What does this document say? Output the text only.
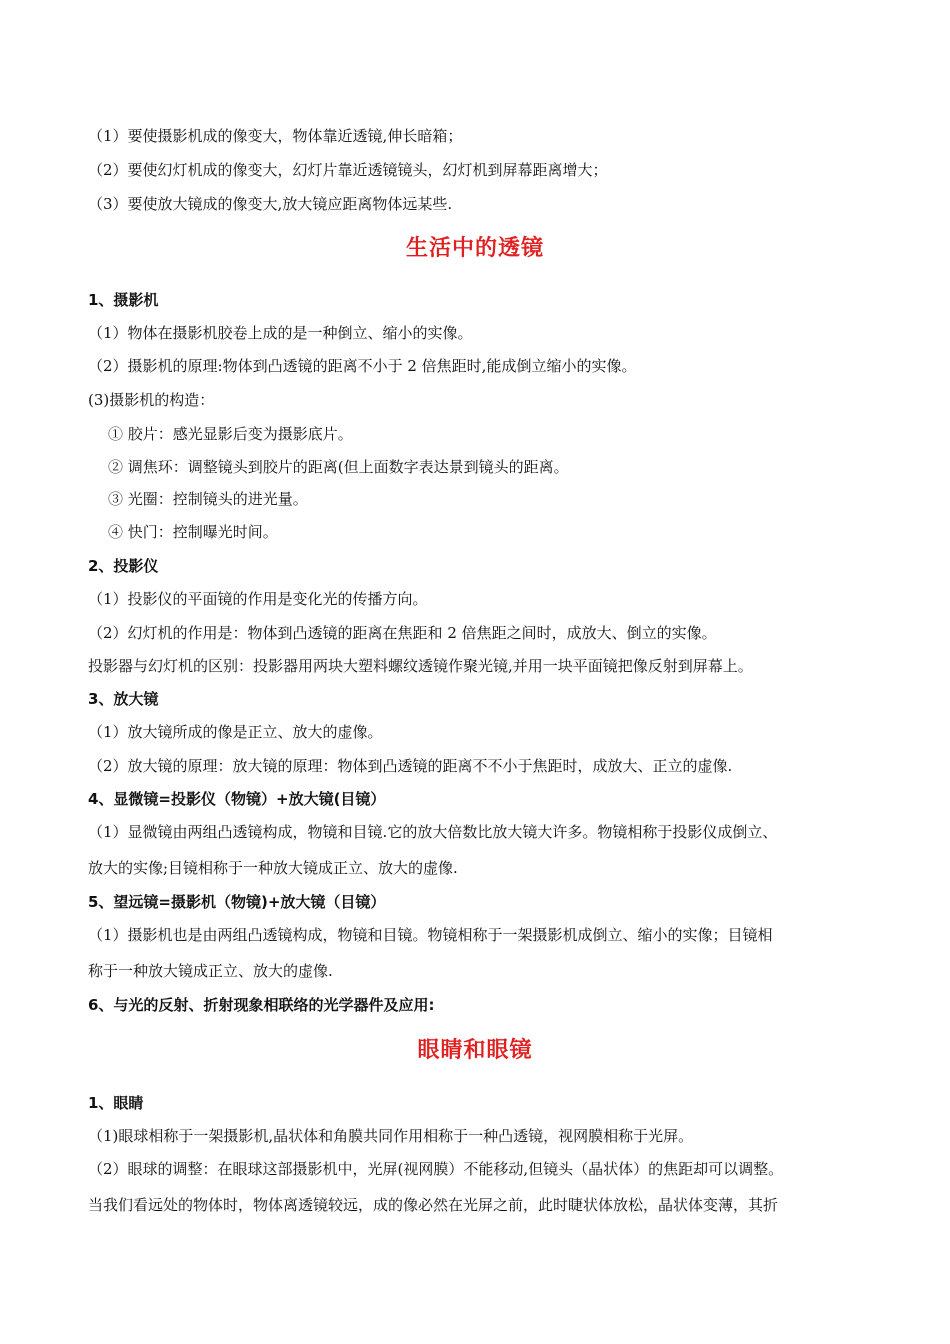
（1）要使摄影机成的像变大，物体靠近透镜,伸长暗箱；
（2）要使幻灯机成的像变大，幻灯片靠近透镜镜头，幻灯机到屏幕距离增大；
（3）要使放大镜成的像变大,放大镜应距离物体远某些.
生活中的透镜
1、摄影机
（1）物体在摄影机胶卷上成的是一种倒立、缩小的实像。
（2）摄影机的原理:物体到凸透镜的距离不小于 2 倍焦距时,能成倒立缩小的实像。
(3)摄影机的构造：
① 胶片：感光显影后变为摄影底片。
② 调焦环：调整镜头到胶片的距离(但上面数字表达景到镜头的距离。
③ 光圈：控制镜头的进光量。
④ 快门：控制曝光时间。
2、投影仪
（1）投影仪的平面镜的作用是变化光的传播方向。
（2）幻灯机的作用是：物体到凸透镜的距离在焦距和 2 倍焦距之间时，成放大、倒立的实像。
投影器与幻灯机的区别：投影器用两块大塑料螺纹透镜作聚光镜,并用一块平面镜把像反射到屏幕上。
3、放大镜
（1）放大镜所成的像是正立、放大的虚像。
（2）放大镜的原理：放大镜的原理：物体到凸透镜的距离不不小于焦距时，成放大、正立的虚像.
4、显微镜=投影仪（物镜）+放大镜(目镜）
（1）显微镜由两组凸透镜构成，物镜和目镜.它的放大倍数比放大镜大许多。物镜相称于投影仪成倒立、
放大的实像;目镜相称于一种放大镜成正立、放大的虚像.
5、望远镜=摄影机（物镜)+放大镜（目镜）
（1）摄影机也是由两组凸透镜构成，物镜和目镜。物镜相称于一架摄影机成倒立、缩小的实像；目镜相
称于一种放大镜成正立、放大的虚像.
6、与光的反射、折射现象相联络的光学器件及应用:
眼睛和眼镜
1、眼睛
（1)眼球相称于一架摄影机,晶状体和角膜共同作用相称于一种凸透镜，视网膜相称于光屏。
（2）眼球的调整：在眼球这部摄影机中，光屏(视网膜）不能移动,但镜头（晶状体）的焦距却可以调整。
当我们看远处的物体时，物体离透镜较远，成的像必然在光屏之前，此时睫状体放松，晶状体变薄，其折
